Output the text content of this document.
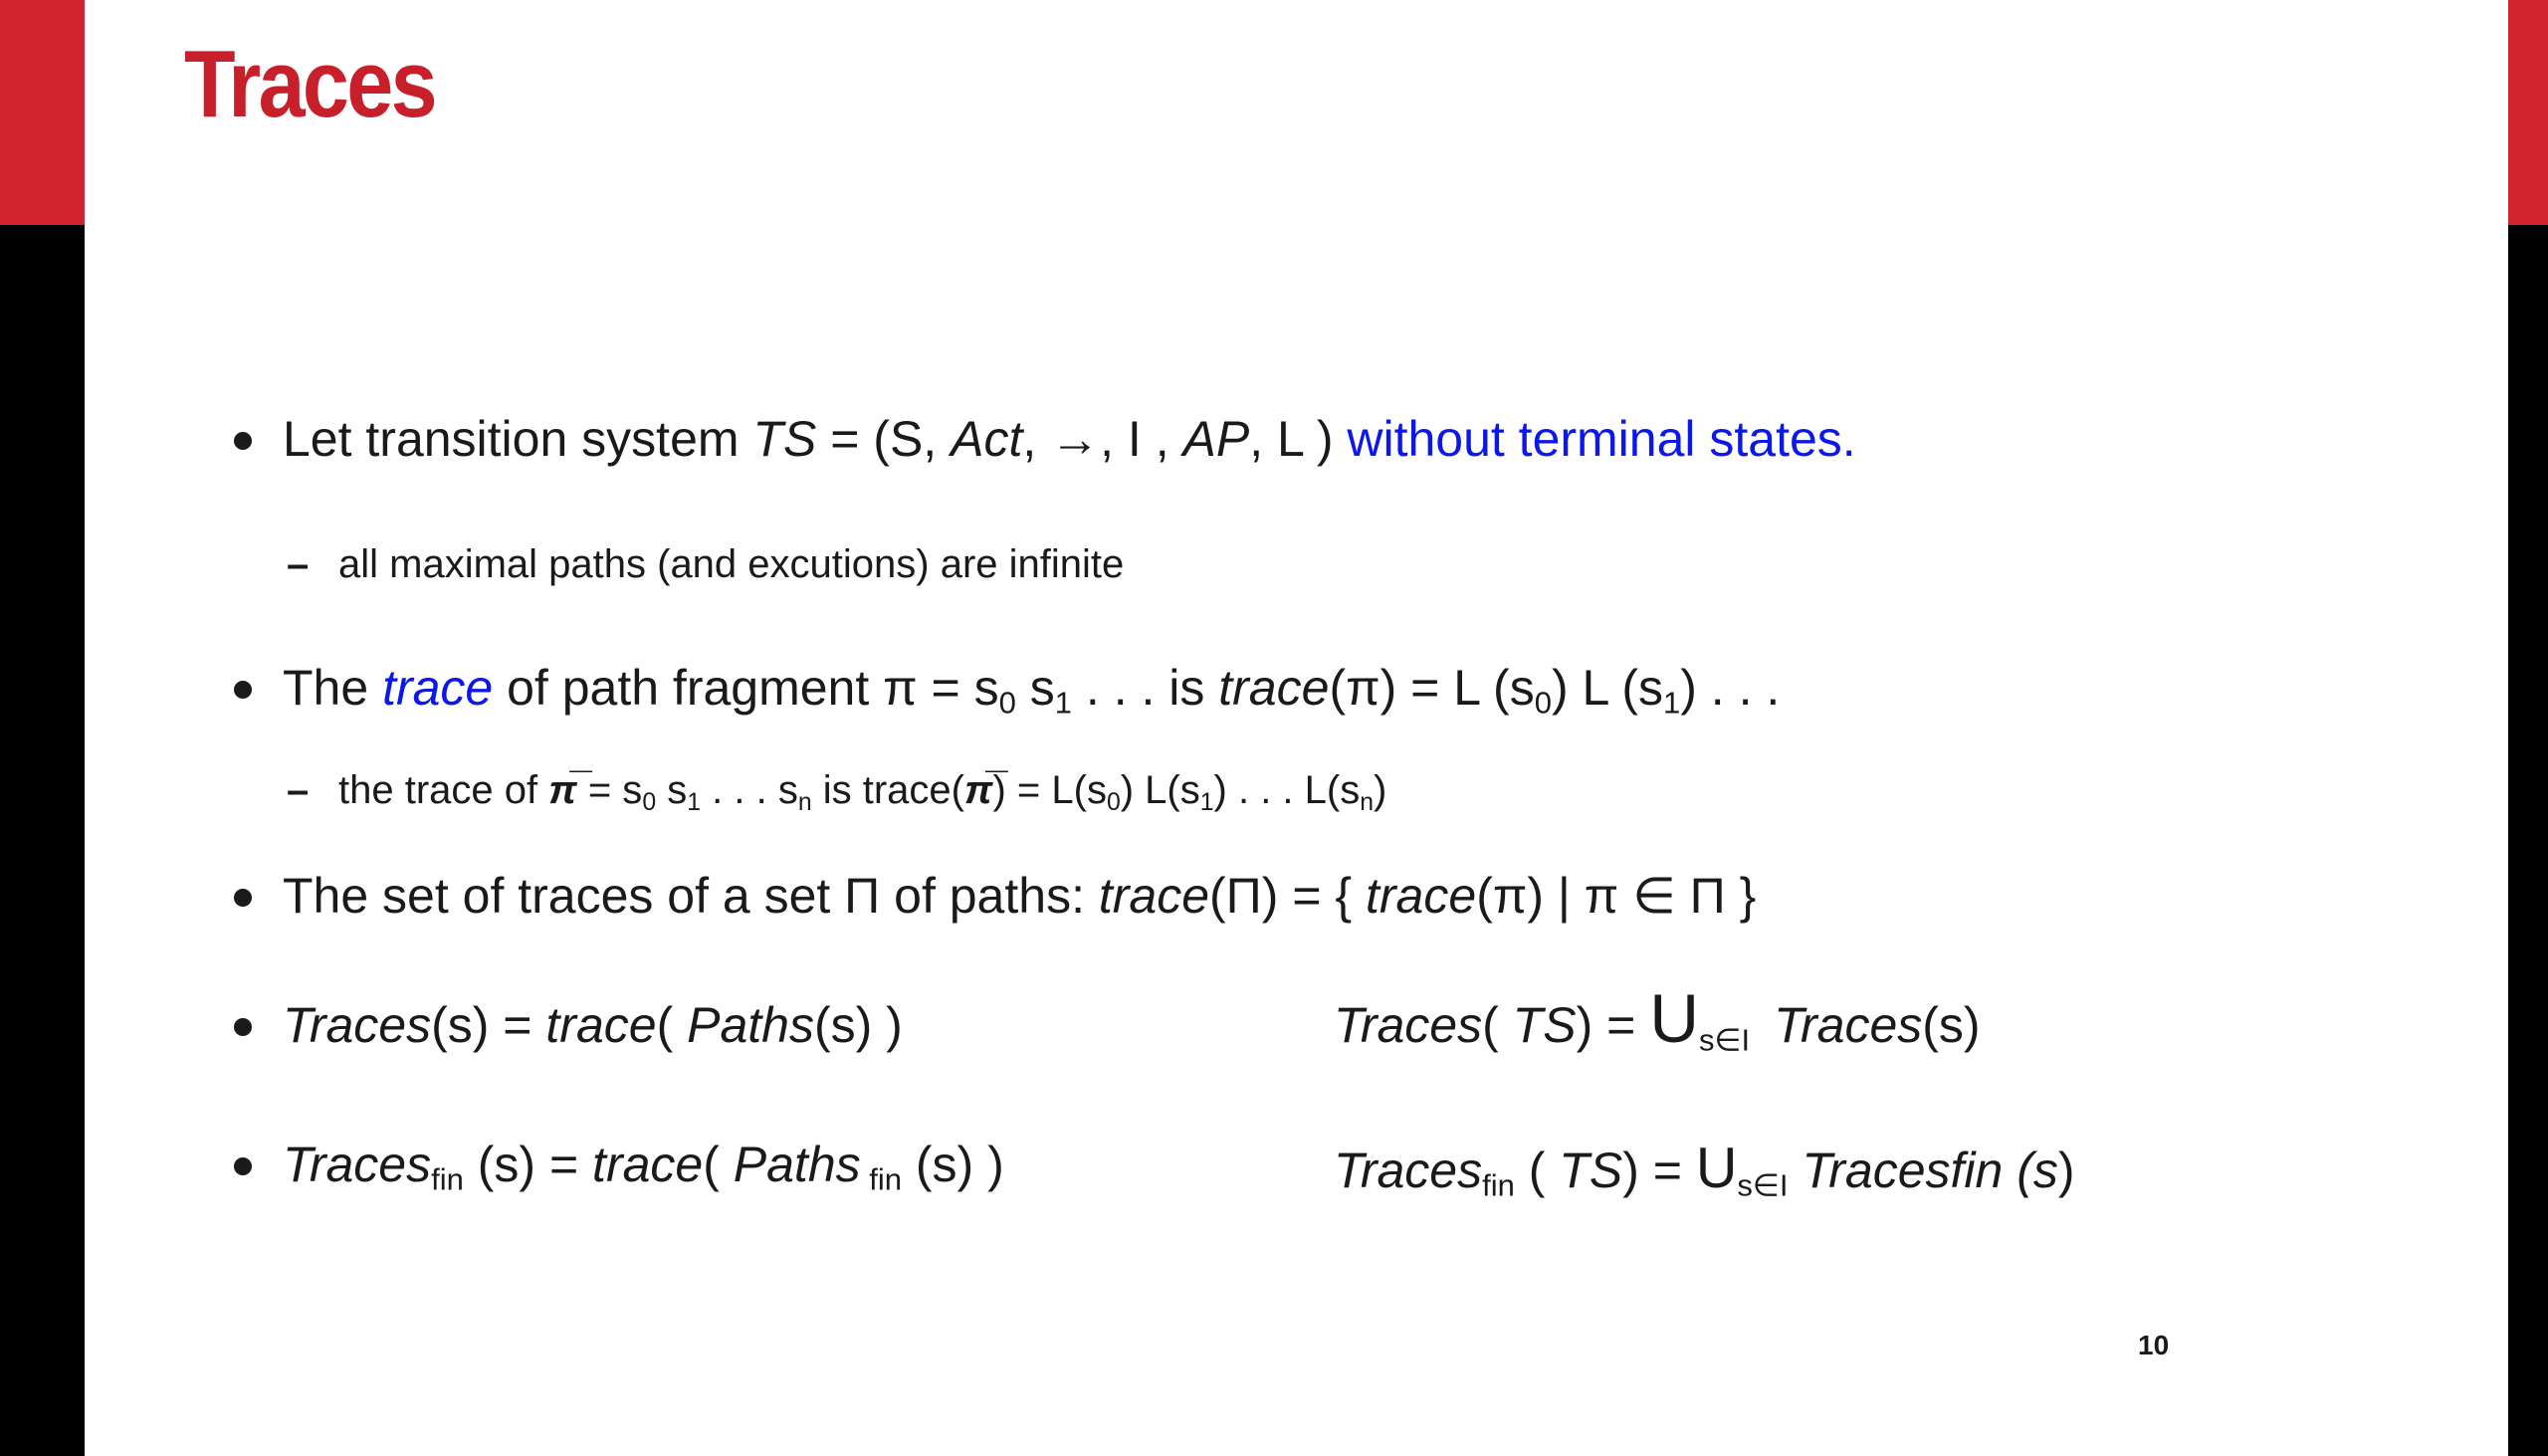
Traces
Let transition system TS = (S, Act, →, I , AP, L ) without terminal states.
– all maximal paths (and excutions) are infinite
The trace of path fragment $\pi = s_0$ $s_1$ . . . is trace(π) = L $(s_0)$ L $(s_1)$ . . .
– the trace of π̅ = $s_0$ $s_1$ . . . $s_n$ is trace(π̅) = $L(s_0)$ $L(s_1)$ . . . $L(s_n)$
The set of traces of a set Π of paths: trace(Π) = { trace(π) | π ∈ Π }
Traces(s) = trace( Paths(s) )	Traces( $TS) = U_{s\in I}$ Traces(s)
Traces$_{fin}$ (s) = trace( Paths $_{fin}$ (s) )	Traces$_{fin}$ ( $TS) = U_{s\in I}$ Tracesfin (s)
10
